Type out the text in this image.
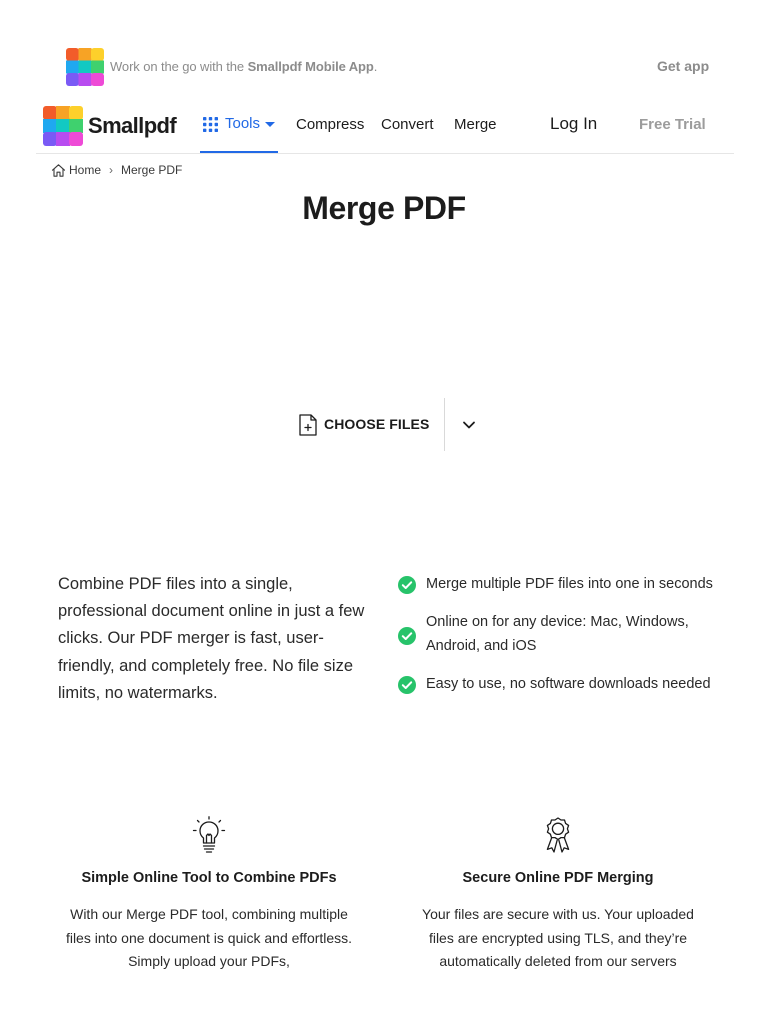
Work on the go with the Smallpdf Mobile App.	Get app
Smallpdf	Tools Compress Convert Merge	Log In	Free Trial
Home › Merge PDF
Merge PDF
CHOOSE FILES

Combine PDF files into a single, professional document online in just a few clicks. Our PDF merger is fast, user-friendly, and completely free. No file size limits, no watermarks.

Merge multiple PDF files into one in seconds
Online on for any device: Mac, Windows, Android, and iOS
Easy to use, no software downloads needed
Simple Online Tool to Combine PDFs
With our Merge PDF tool, combining multiple files into one document is quick and effortless. Simply upload your PDFs,
Secure Online PDF Merging
Your files are secure with us. Your uploaded files are encrypted using TLS, and they’re automatically deleted from our servers
